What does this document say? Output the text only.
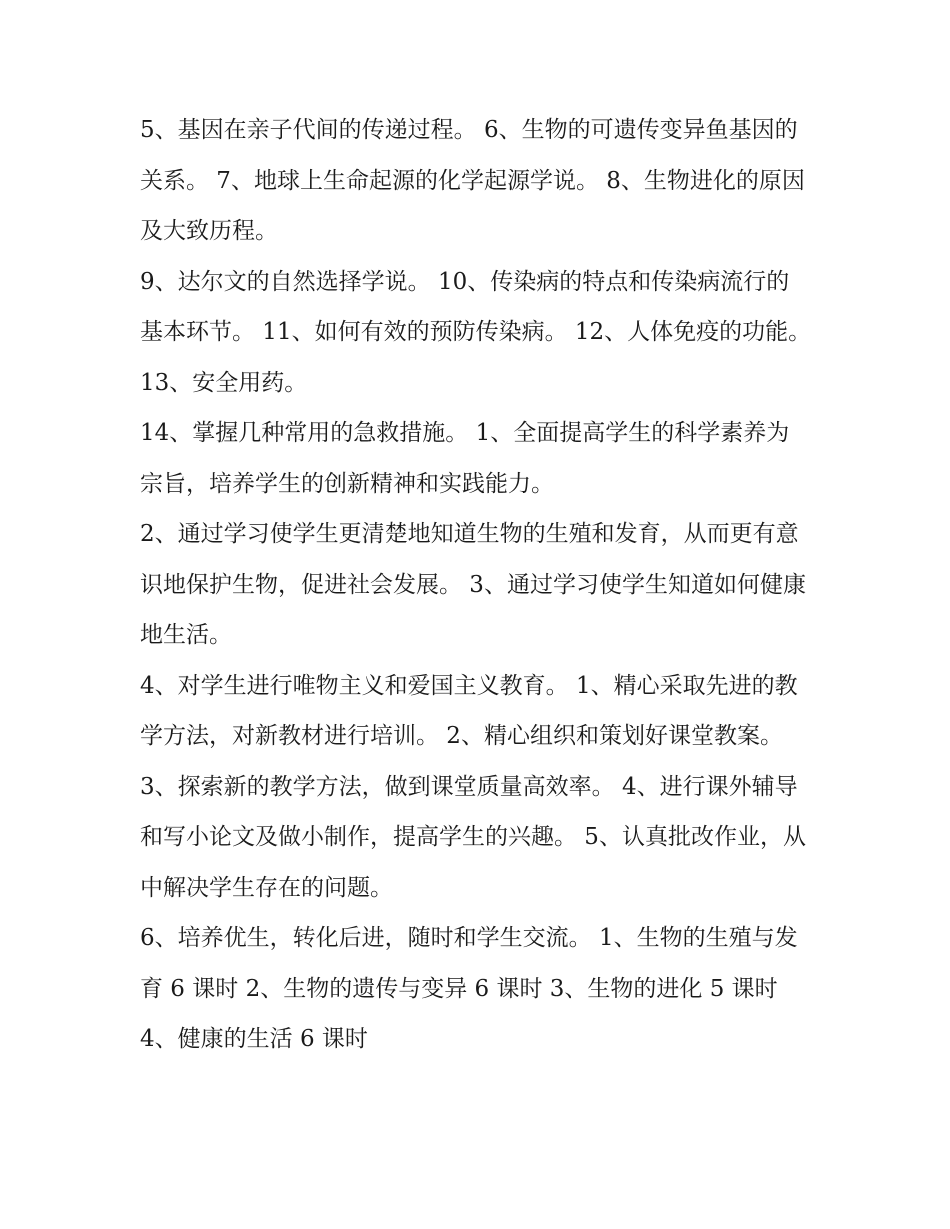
5、基因在亲子代间的传递过程。 6、生物的可遗传变异鱼基因的关系。 7、地球上生命起源的化学起源学说。 8、生物进化的原因及大致历程。

9、达尔文的自然选择学说。 10、传染病的特点和传染病流行的基本环节。 11、如何有效的预防传染病。 12、人体免疫的功能。 13、安全用药。

14、掌握几种常用的急救措施。 1、全面提高学生的科学素养为宗旨，培养学生的创新精神和实践能力。

2、通过学习使学生更清楚地知道生物的生殖和发育，从而更有意识地保护生物，促进社会发展。 3、通过学习使学生知道如何健康地生活。

4、对学生进行唯物主义和爱国主义教育。 1、精心采取先进的教学方法，对新教材进行培训。 2、精心组织和策划好课堂教案。

3、探索新的教学方法，做到课堂质量高效率。 4、进行课外辅导和写小论文及做小制作，提高学生的兴趣。 5、认真批改作业，从中解决学生存在的问题。

6、培养优生，转化后进，随时和学生交流。 1、生物的生殖与发育 6 课时 2、生物的遗传与变异 6 课时 3、生物的进化 5 课时 4、健康的生活 6 课时
